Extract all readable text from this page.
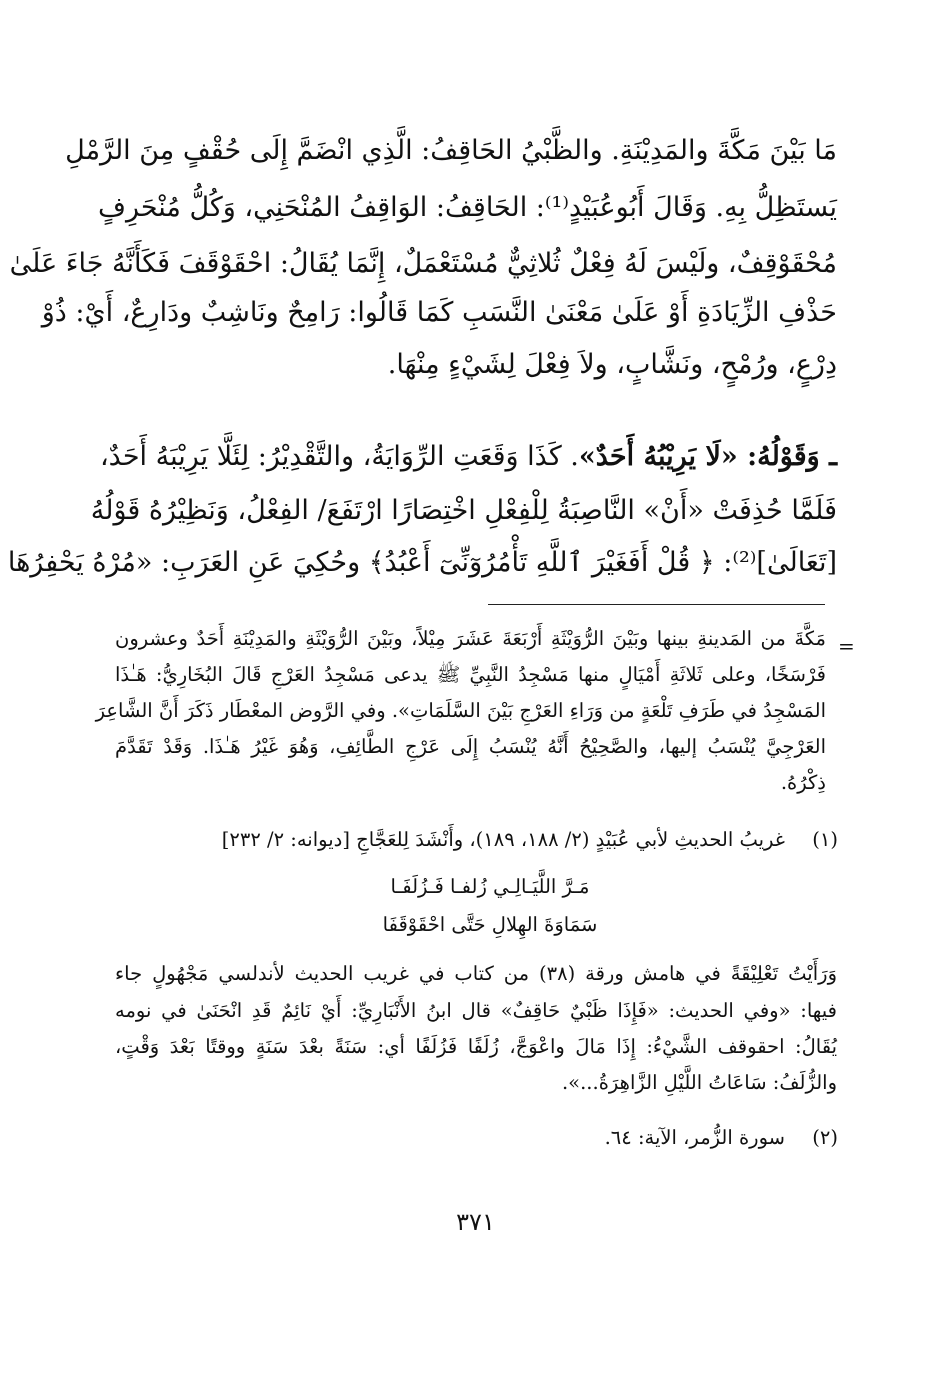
مَا بَيْنَ مَكَّةَ والمَدِيْنَةِ. والظَّبْيُ الحَاقِفُ: الَّذِي انْضَمَّ إِلَى حُقْفٍ مِنَ الرَّمْلِ
يَستَظِلُّ بِهِ. وَقَالَ أَبُوعُبَيْدٍ⁽¹⁾: الحَاقِفُ: الوَاقِفُ المُنْحَنِي، وَكُلُّ مُنْحَرِفٍ
مُحْقَوْقِفٌ، ولَيْسَ لَهُ فِعْلٌ ثُلاثِيٌّ مُسْتَعْمَلٌ، إِنَّمَا يُقَالُ: احْقَوْقَفَ فَكَأَنَّهُ جَاءَ عَلَىٰ
حَذْفِ الزِّيَادَةِ أَوْ عَلَىٰ مَعْنَىٰ النَّسَبِ كَمَا قَالُوا: رَامِحٌ ونَاشِبٌ ودَارِعٌ، أَيْ: ذُوْ
دِرْعٍ، ورُمْحٍ، ونَشَّابٍ، ولاَ فِعْلَ لِشَيْءٍ مِنْهَا.
ـ وَقَوْلُهُ: «لَا يَرِيْبُهُ أَحَدٌ». كَذَا وَقَعَتِ الرِّوَايَةُ، والتَّقْدِيْرُ: لِئَلَّا يَرِيْبَهُ أَحَدٌ،
فَلَمَّا حُذِفَتْ «أَنْ» النَّاصِبَةُ لِلْفِعْلِ اخْتِصَارًا ارْتَفَعَ/ الفِعْلُ، وَنَظِيْرُهُ قَوْلُهُ
[تَعَالَىٰ]⁽²⁾: ﴿ قُلْ أَفَغَيْرَ ٱللَّهِ تَأْمُرُوٓنِّىٓ أَعْبُدُ﴾ وحُكِيَ عَنِ العَرَبِ: «مُرْهُ يَحْفِرُهَا
=
مَكَّةَ من المَدينةِ بينها وبَيْنَ الرُّوَيْثَةِ أَرْبَعَةَ عَشَرَ مِيْلاً، وبَيْنَ الرُّوَيْثَةِ والمَدِيْنَةِ أَحَدٌ وعشرون
فَرْسَخًا، وعلى ثَلاثَةِ أَمْيَالٍ منها مَسْجِدُ النَّبِيِّ ﷺ يدعى مَسْجِدُ العَرْجِ قَالَ البُخَارِيُّ: هَـٰذَا
المَسْجِدُ في طَرَفِ تَلْعَةٍ من وَرَاءِ العَرْجِ بَيْنَ السَّلَمَاتِ». وفي الرَّوض المعْطَار ذَكَرَ أَنَّ الشَّاعِرَ
العَرْجِيَّ يُنْسَبُ إليها، والصَّحِيْحُ أَنَّهُ يُنْسَبُ إِلَى عَرْجِ الطَّائِفِ، وَهُوَ غَيْرُ هَـٰذَا. وَقَدْ تَقَدَّمَ
ذِكْرُهُ.
(١)
غريبُ الحديثِ لأبي عُبَيْدٍ (٢/ ١٨٨، ١٨٩)، وأَنْشَدَ لِلعَجَّاجِ [ديوانه: ٢/ ٢٣٢]
مَـرَّ اللَّيَـالِـي زُلفـا فَـزُلَفَـا
سَمَاوَةَ الهِلالِ حَتَّى احْقَوْقَفَا
وَرَأَيْتُ تَعْلِيْقَةً في هامش ورقة (٣٨) من كتاب في غريب الحديث لأندلسي مَجْهُولٍ جاء
فيها: «وفي الحديث: «فَإِذَا ظَبْيٌ حَاقِفٌ» قال ابنُ الأَنْبَارِيِّ: أَيْ نَائِمٌ قَدِ انْحَنَىٰ في نومه
يُقَالُ: احقوقف الشَّيْءُ: إِذَا مَالَ واعْوَجَّ، زُلَفًا فَزُلَفًا أي: سَنَةً بعْدَ سَنَةٍ ووقتًا بَعْدَ وَقْتٍ،
والزُّلَفُ: سَاعَاتُ اللَّيْلِ الزَّاهِرَةُ...».
(٢)
سورة الزُّمر، الآية: ٦٤.
٣٧١
